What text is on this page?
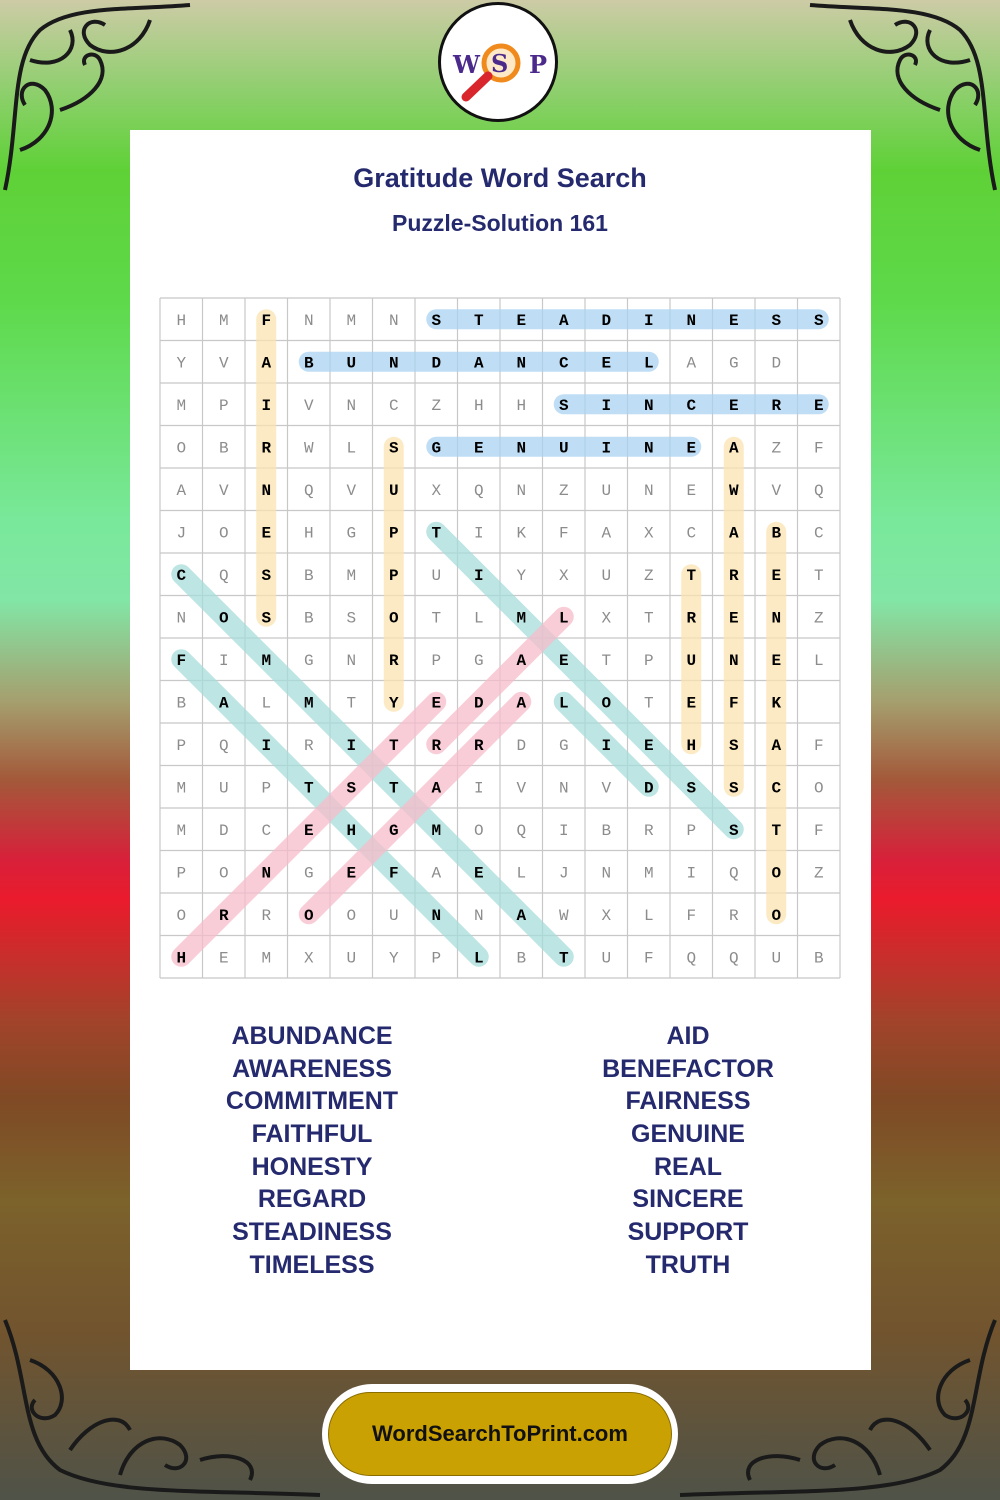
W S P
Gratitude Word Search
Puzzle-Solution 161
H M F N M N S T E A D I N E S S
Y V A B U N D A N C E L A G D
M P I V N C Z H H S I N C E R E
O B R W L S G E N U I N E A Z F
A V N Q V U X Q N Z U N E W V Q
J O E H G P T I K F A X C A B C
C Q S B M P U I Y X U Z T R E T
N O S B S O T L M L X T R E N Z
F I M G N R P G A E T P U N E L
B A L M T Y E D A L O T E F K
P Q I R I T R R D G I E H S A F
M U P T S T A I V N V D S S C O
M D C E H G M O Q I B R P S T F
P O N G E F A E L J N M I Q O Z
O R R O O U N N A W X L F R O
H E M X U Y P L B T U F Q Q U B
ABUNDANCE
AWARENESS
COMMITMENT
FAITHFUL
HONESTY
REGARD
STEADINESS
TIMELESS
AID
BENEFACTOR
FAIRNESS
GENUINE
REAL
SINCERE
SUPPORT
TRUTH
WordSearchToPrint.com
